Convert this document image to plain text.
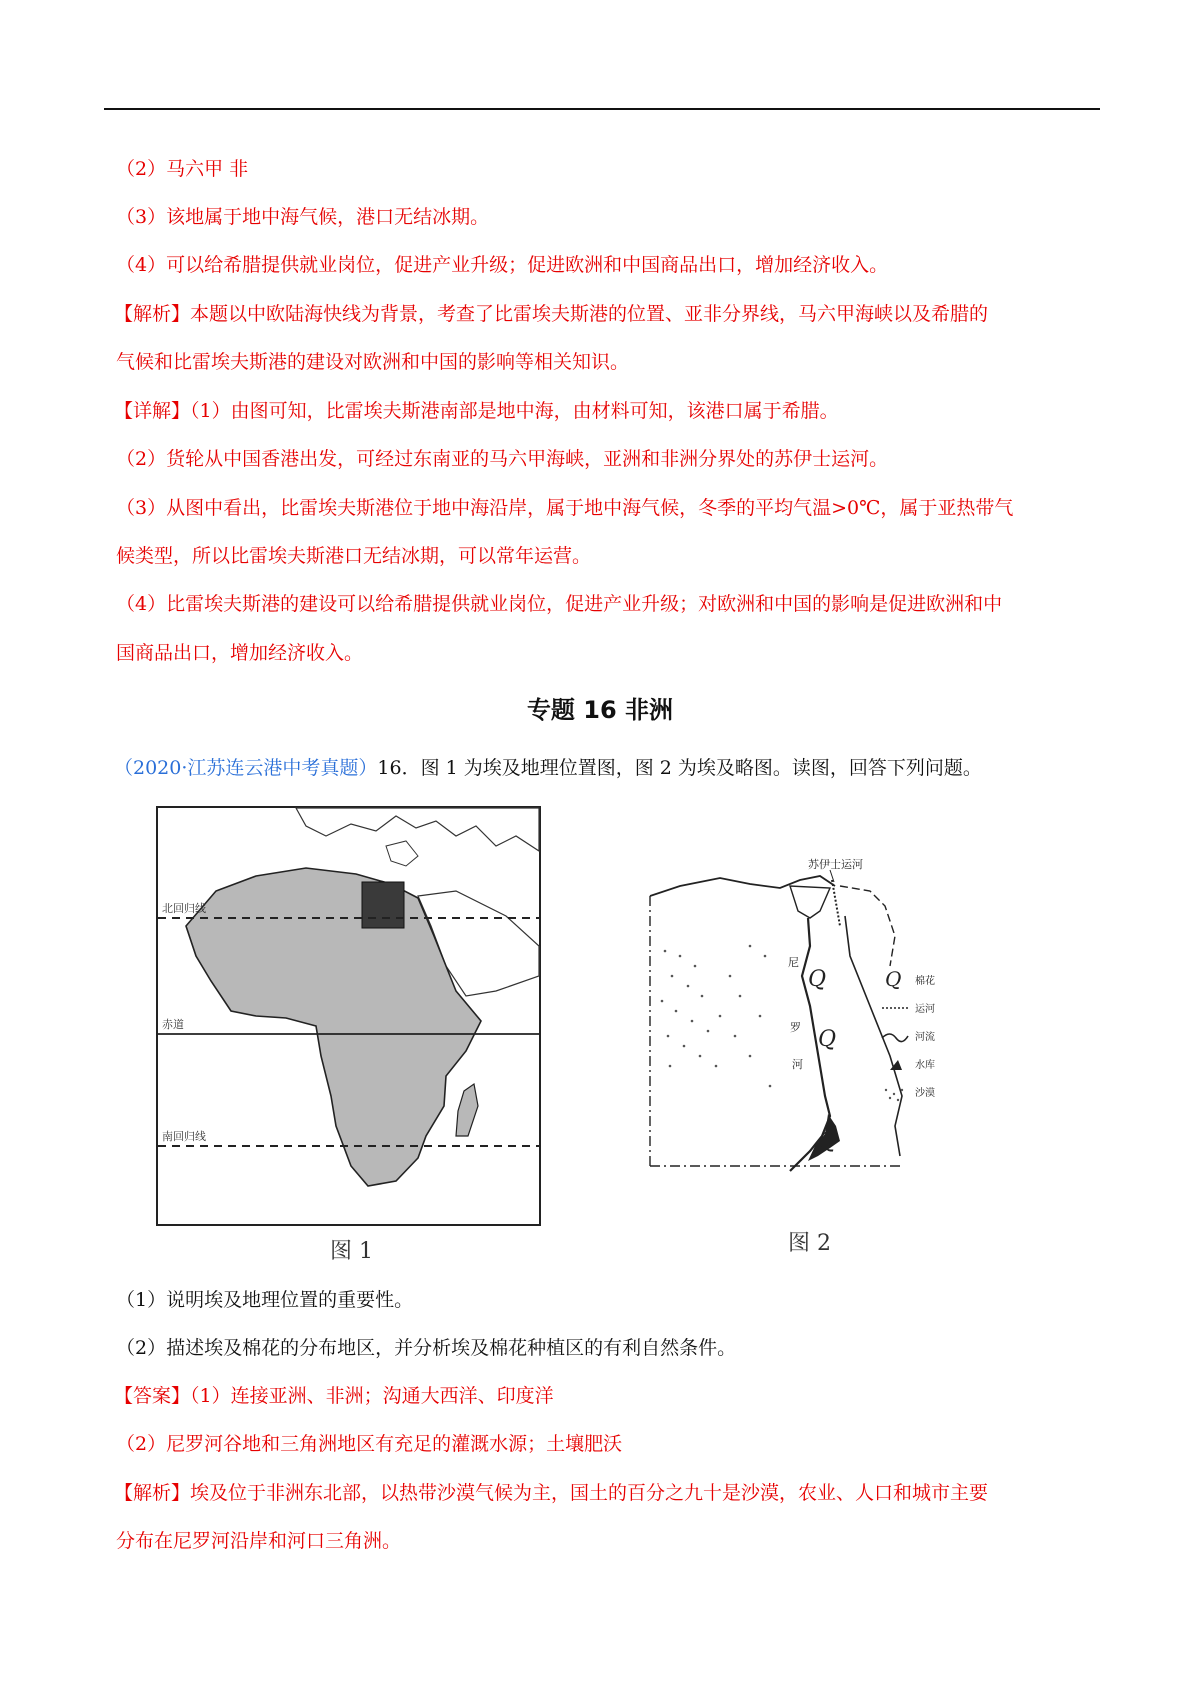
（2）马六甲 非
（3）该地属于地中海气候，港口无结冰期。
（4）可以给希腊提供就业岗位，促进产业升级；促进欧洲和中国商品出口，增加经济收入。
【解析】本题以中欧陆海快线为背景，考查了比雷埃夫斯港的位置、亚非分界线，马六甲海峡以及希腊的
气候和比雷埃夫斯港的建设对欧洲和中国的影响等相关知识。
【详解】（1）由图可知，比雷埃夫斯港南部是地中海，由材料可知，该港口属于希腊。
（2）货轮从中国香港出发，可经过东南亚的马六甲海峡，亚洲和非洲分界处的苏伊士运河。
（3）从图中看出，比雷埃夫斯港位于地中海沿岸，属于地中海气候，冬季的平均气温>0℃，属于亚热带气
候类型，所以比雷埃夫斯港口无结冰期，可以常年运营。
（4）比雷埃夫斯港的建设可以给希腊提供就业岗位，促进产业升级；对欧洲和中国的影响是促进欧洲和中
国商品出口，增加经济收入。
专题 16 非洲
（2020·江苏连云港中考真题）16．图 1 为埃及地理位置图，图 2 为埃及略图。读图，回答下列问题。
北回归线
赤道
南回归线
图 1
苏伊士运河
尼
罗
河
Q
Q
Q
Q 棉花
运河
河流
水库
沙漠
图 2
（1）说明埃及地理位置的重要性。
（2）描述埃及棉花的分布地区，并分析埃及棉花种植区的有利自然条件。
【答案】（1）连接亚洲、非洲；沟通大西洋、印度洋
（2）尼罗河谷地和三角洲地区有充足的灌溉水源；土壤肥沃
【解析】埃及位于非洲东北部，以热带沙漠气候为主，国土的百分之九十是沙漠，农业、人口和城市主要
分布在尼罗河沿岸和河口三角洲。
